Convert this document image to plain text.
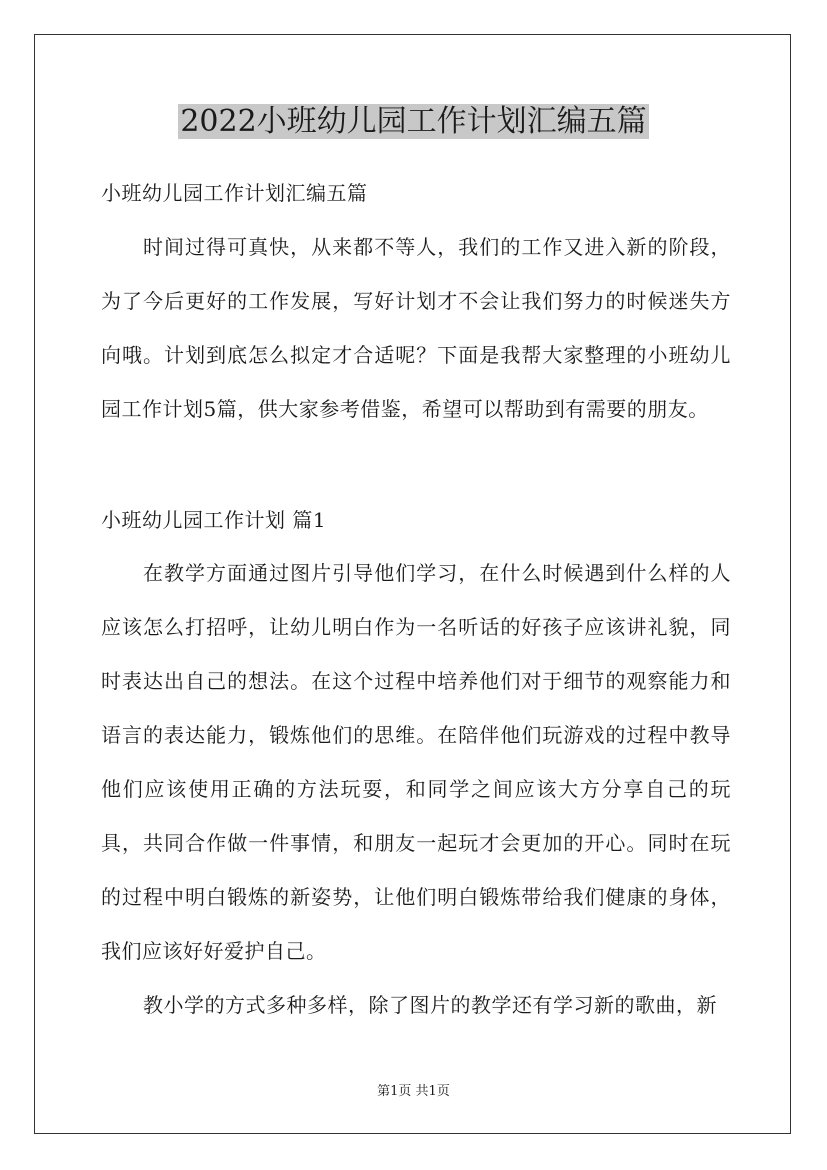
2022小班幼儿园工作计划汇编五篇
小班幼儿园工作计划汇编五篇

时间过得可真快，从来都不等人，我们的工作又进入新的阶段，为了今后更好的工作发展，写好计划才不会让我们努力的时候迷失方向哦。计划到底怎么拟定才合适呢？下面是我帮大家整理的小班幼儿园工作计划5篇，供大家参考借鉴，希望可以帮助到有需要的朋友。

小班幼儿园工作计划 篇1

在教学方面通过图片引导他们学习，在什么时候遇到什么样的人应该怎么打招呼，让幼儿明白作为一名听话的好孩子应该讲礼貌，同时表达出自己的想法。在这个过程中培养他们对于细节的观察能力和语言的表达能力，锻炼他们的思维。在陪伴他们玩游戏的过程中教导他们应该使用正确的方法玩耍，和同学之间应该大方分享自己的玩具，共同合作做一件事情，和朋友一起玩才会更加的开心。同时在玩的过程中明白锻炼的新姿势，让他们明白锻炼带给我们健康的身体，我们应该好好爱护自己。

教小学的方式多种多样，除了图片的教学还有学习新的歌曲，新

第1页 共1页
